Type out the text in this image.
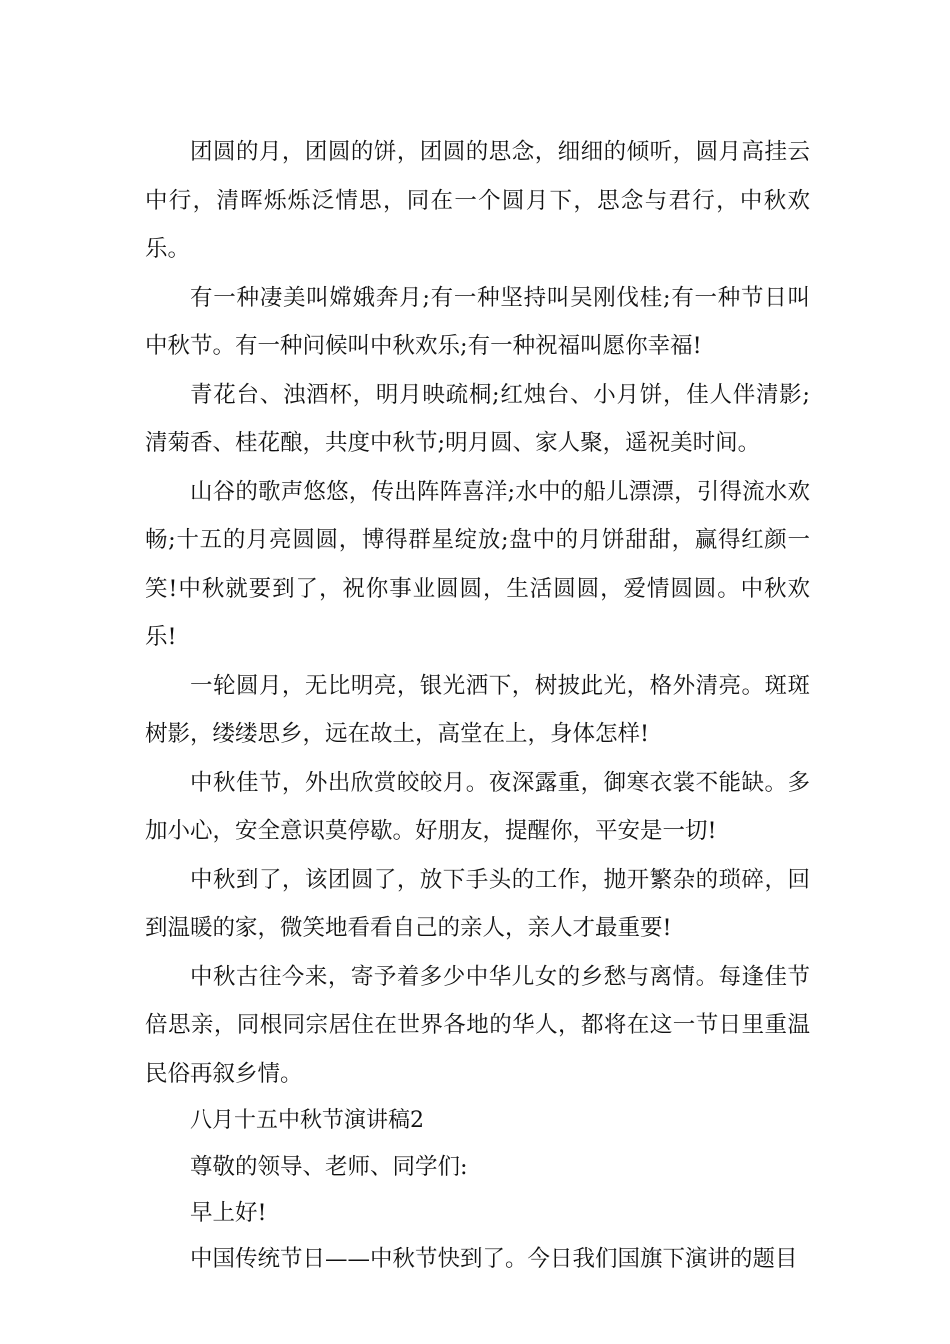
团圆的月，团圆的饼，团圆的思念，细细的倾听，圆月高挂云中行，清晖烁烁泛情思，同在一个圆月下，思念与君行，中秋欢乐。

有一种凄美叫嫦娥奔月;有一种坚持叫吴刚伐桂;有一种节日叫中秋节。有一种问候叫中秋欢乐;有一种祝福叫愿你幸福!

青花台、浊酒杯，明月映疏桐;红烛台、小月饼，佳人伴清影;清菊香、桂花酿，共度中秋节;明月圆、家人聚，遥祝美时间。

山谷的歌声悠悠，传出阵阵喜洋;水中的船儿漂漂，引得流水欢畅;十五的月亮圆圆，博得群星绽放;盘中的月饼甜甜，赢得红颜一笑!中秋就要到了，祝你事业圆圆，生活圆圆，爱情圆圆。中秋欢乐!

一轮圆月，无比明亮，银光洒下，树披此光，格外清亮。斑斑树影，缕缕思乡，远在故土，高堂在上，身体怎样!

中秋佳节，外出欣赏皎皎月。夜深露重，御寒衣裳不能缺。多加小心，安全意识莫停歇。好朋友，提醒你，平安是一切!

中秋到了，该团圆了，放下手头的工作，抛开繁杂的琐碎，回到温暖的家，微笑地看看自己的亲人，亲人才最重要!

中秋古往今来，寄予着多少中华儿女的乡愁与离情。每逢佳节倍思亲，同根同宗居住在世界各地的华人，都将在这一节日里重温民俗再叙乡情。

八月十五中秋节演讲稿2

尊敬的领导、老师、同学们:

早上好!

中国传统节日——中秋节快到了。今日我们国旗下演讲的题目
